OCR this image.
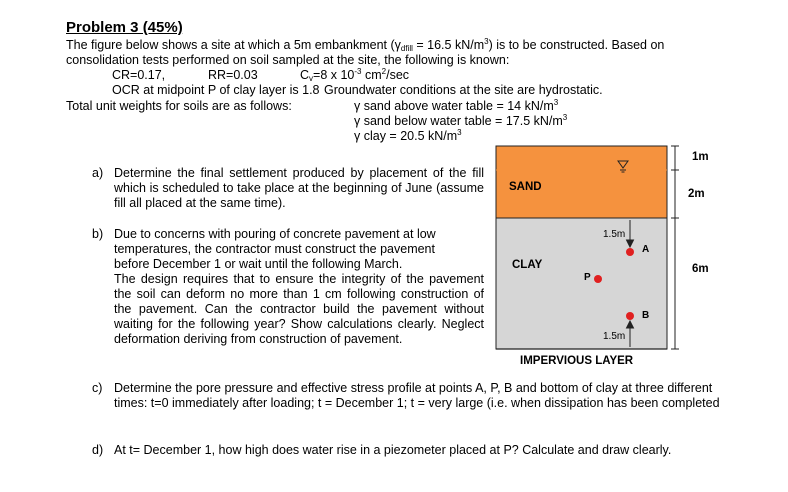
Problem 3 (45%)
The figure below shows a site at which a 5m embankment ($\gamma_{dfill} = 16.5$ $kN/m^3$) is to be constructed. Based on
consolidation tests performed on soil sampled at the site, the following is known:
CR=0.17,	RR=0.03	$C_v=8$ x $10^{-3}$ $cm^2/\sec$
OCR at midpoint P of clay layer is 1.8 Groundwater conditions at the site are hydrostatic.
Total unit weights for soils are as follows:	γ sand above water table = 14 $kN/m^3$
γ sand below water table = 17.5 $kN/m^3$
γ clay = 20.5 $kN/m^3$
a) Determine the final settlement produced by placement of the fill which is scheduled to take place at the beginning of June (assume fill all placed at the same time).
b) Due to concerns with pouring of concrete pavement at low temperatures, the contractor must construct the pavement before December 1 or wait until the following March.
The design requires that to ensure the integrity of the pavement the soil can deform no more than 1 cm following construction of the pavement. Can the contractor build the pavement without waiting for the following year? Show calculations clearly. Neglect deformation deriving from construction of pavement.
c) Determine the pore pressure and effective stress profile at points A, P, B and bottom of clay at three different times: t=0 immediately after loading; t = December 1; t = very large (i.e. when dissipation has been completed
d) At t= December 1, how high does water rise in a piezometer placed at P? Calculate and draw clearly.
SAND
CLAY
IMPERVIOUS LAYER
1m
2m
6m
1.5m
1.5m
A
P
B
